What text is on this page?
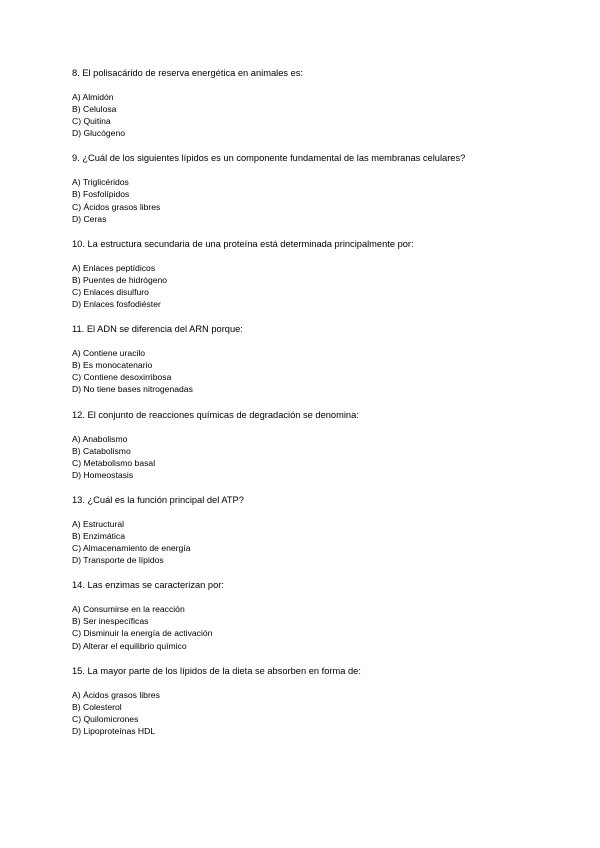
8. El polisacárido de reserva energética en animales es:
A) Almidón
B) Celulosa
C) Quitina
D) Glucógeno
9. ¿Cuál de los siguientes lípidos es un componente fundamental de las membranas celulares?
A) Triglicéridos
B) Fosfolípidos
C) Ácidos grasos libres
D) Ceras
10. La estructura secundaria de una proteína está determinada principalmente por:
A) Enlaces peptídicos
B) Puentes de hidrógeno
C) Enlaces disulfuro
D) Enlaces fosfodiéster
11. El ADN se diferencia del ARN porque:
A) Contiene uracilo
B) Es monocatenario
C) Contiene desoxirribosa
D) No tiene bases nitrogenadas
12. El conjunto de reacciones químicas de degradación se denomina:
A) Anabolismo
B) Catabolismo
C) Metabolismo basal
D) Homeostasis
13. ¿Cuál es la función principal del ATP?
A) Estructural
B) Enzimática
C) Almacenamiento de energía
D) Transporte de lípidos
14. Las enzimas se caracterizan por:
A) Consumirse en la reacción
B) Ser inespecíficas
C) Disminuir la energía de activación
D) Alterar el equilibrio químico
15. La mayor parte de los lípidos de la dieta se absorben en forma de:
A) Ácidos grasos libres
B) Colesterol
C) Quilomicrones
D) Lipoproteínas HDL
